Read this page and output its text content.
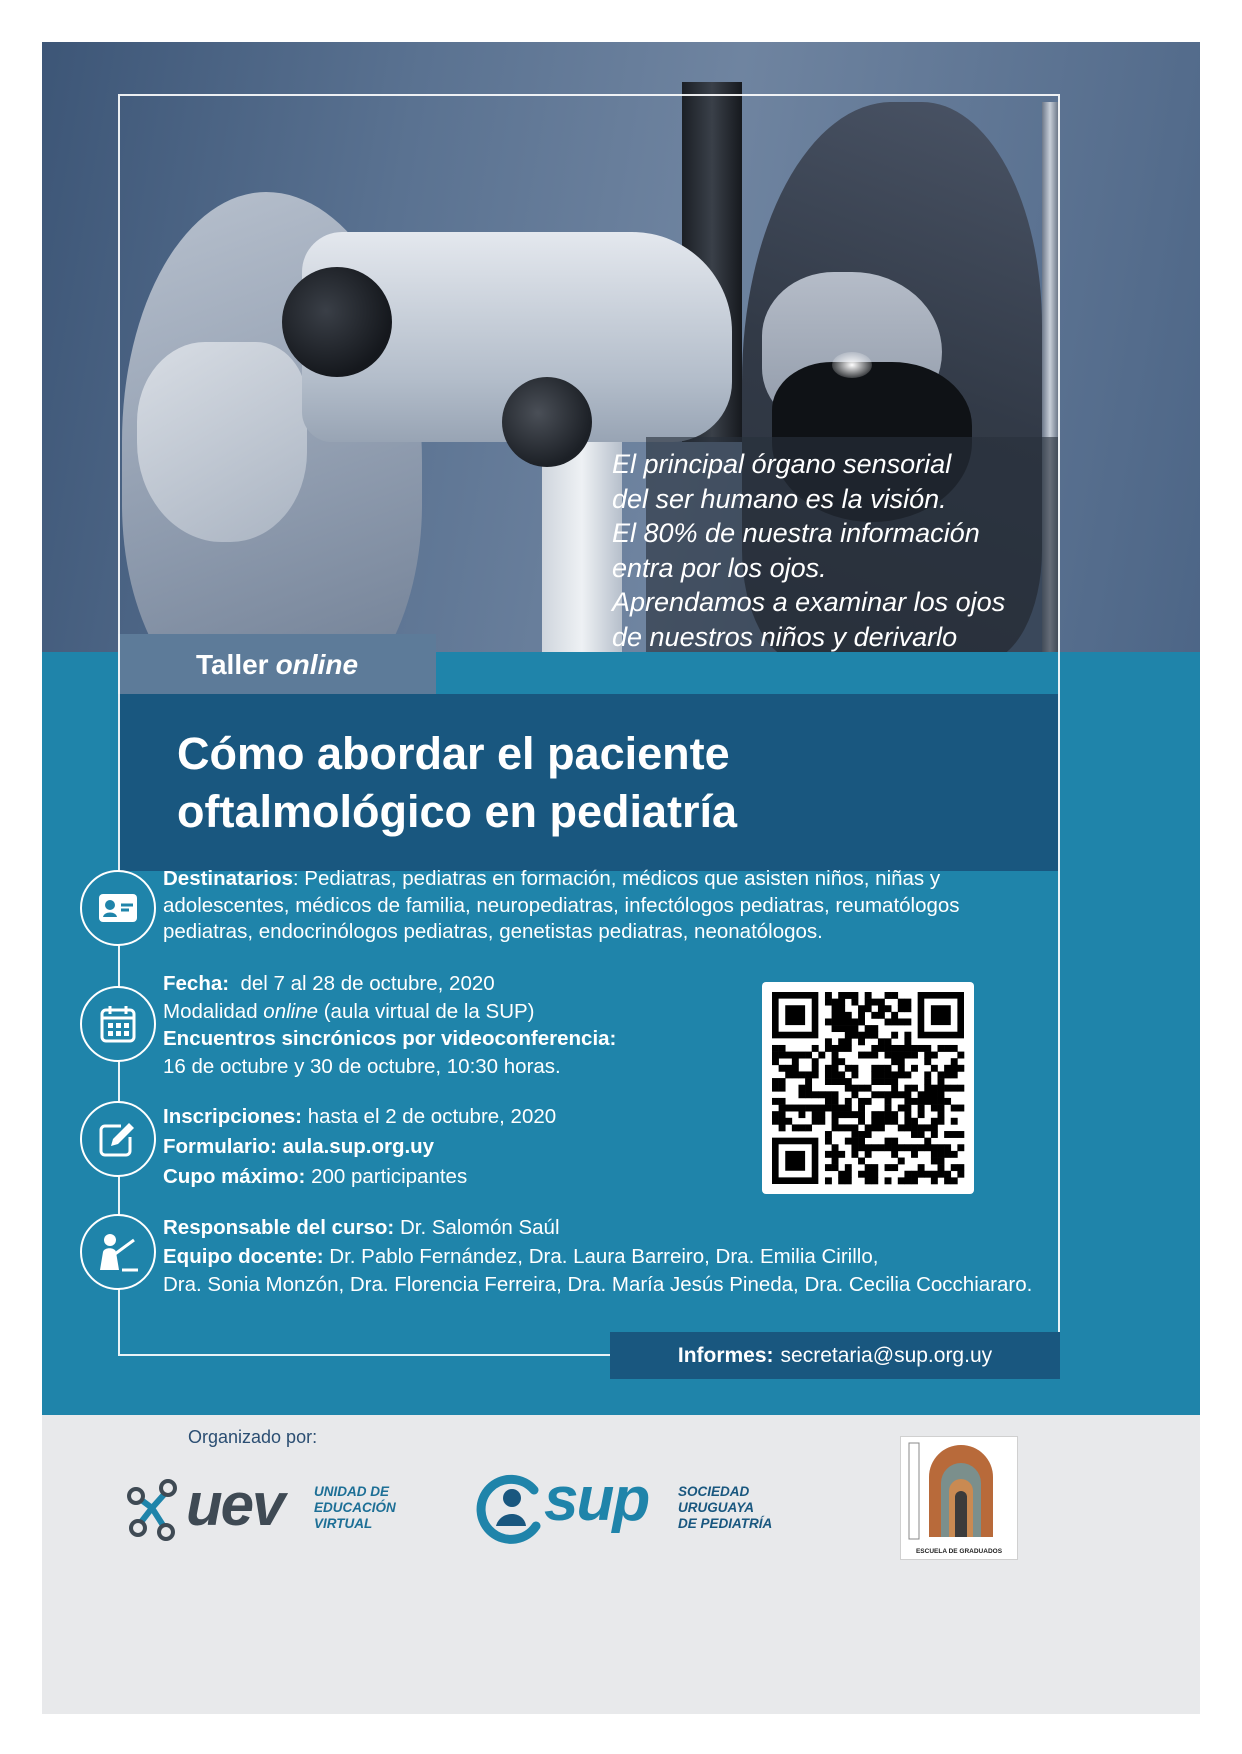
El principal órgano sensorial
del ser humano es la visión.
El 80% de nuestra información
entra por los ojos.
Aprendamos a examinar los ojos
de nuestros niños y derivarlo
Taller online
Cómo abordar el paciente
oftalmológico en pediatría
Destinatarios: Pediatras, pediatras en formación, médicos que asisten niños, niñas y
adolescentes, médicos de familia, neuropediatras, infectólogos pediatras, reumatólogos
pediatras, endocrinólogos pediatras, genetistas pediatras, neonatólogos.
Fecha: del 7 al 28 de octubre, 2020
Modalidad online (aula virtual de la SUP)
Encuentros sincrónicos por videoconferencia:
16 de octubre y 30 de octubre, 10:30 horas.
Inscripciones: hasta el 2 de octubre, 2020
Formulario: aula.sup.org.uy
Cupo máximo: 200 participantes
Responsable del curso: Dr. Salomón Saúl
Equipo docente: Dr. Pablo Fernández, Dra. Laura Barreiro, Dra. Emilia Cirillo,
Dra. Sonia Monzón, Dra. Florencia Ferreira, Dra. María Jesús Pineda, Dra. Cecilia Cocchiararo.
Informes: secretaria@sup.org.uy
Organizado por:
uev UNIDAD DE
EDUCACIÓN
VIRTUAL	sup SOCIEDAD
URUGUAYA
DE PEDIATRÍA
ESCUELA DE GRADUADOS
